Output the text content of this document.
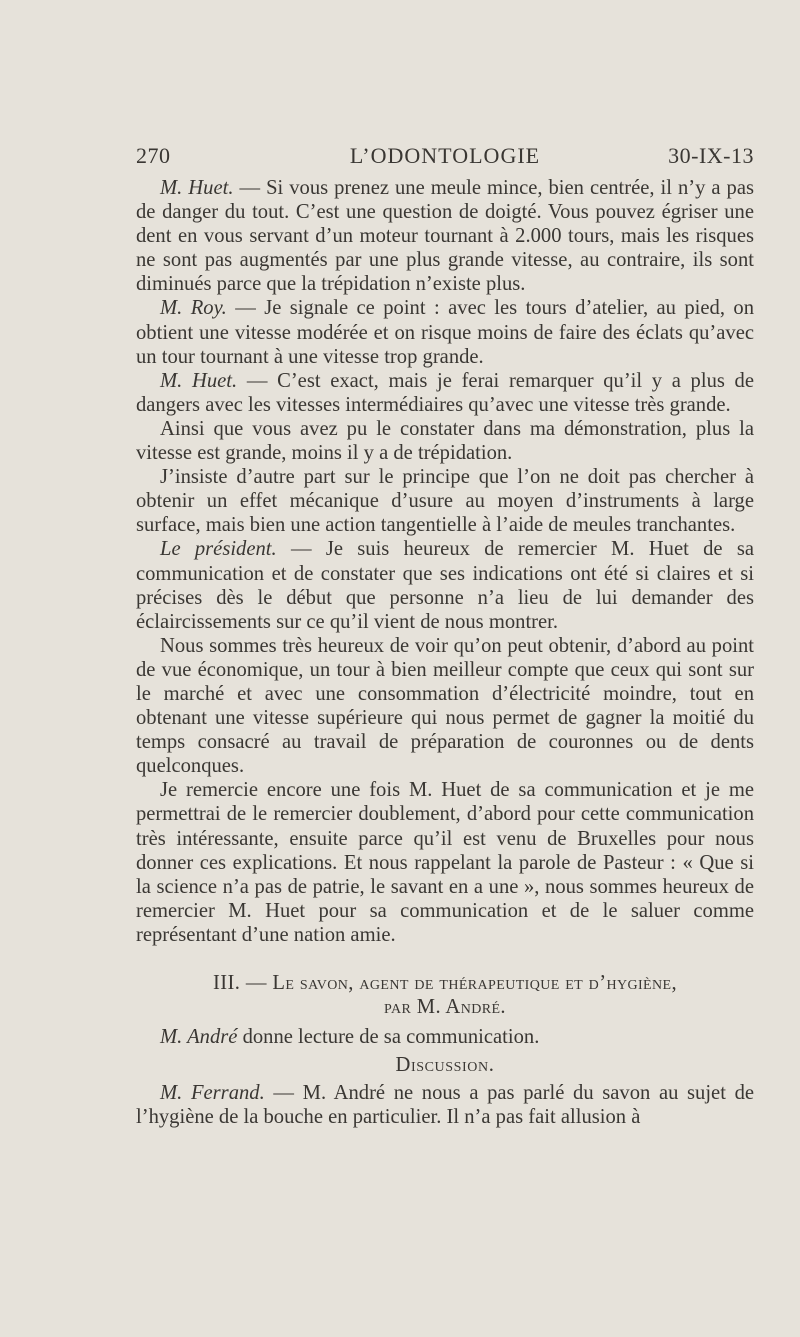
270	L’ODONTOLOGIE	30-IX-13

M. Huet. — Si vous prenez une meule mince, bien centrée, il n’y a pas de danger du tout. C’est une question de doigté. Vous pouvez égriser une dent en vous servant d’un moteur tournant à 2.000 tours, mais les risques ne sont pas augmentés par une plus grande vitesse, au contraire, ils sont diminués parce que la trépidation n’existe plus.

M. Roy. — Je signale ce point : avec les tours d’atelier, au pied, on obtient une vitesse modérée et on risque moins de faire des éclats qu’avec un tour tournant à une vitesse trop grande.

M. Huet. — C’est exact, mais je ferai remarquer qu’il y a plus de dangers avec les vitesses intermédiaires qu’avec une vitesse très grande.

Ainsi que vous avez pu le constater dans ma démonstration, plus la vitesse est grande, moins il y a de trépidation.

J’insiste d’autre part sur le principe que l’on ne doit pas chercher à obtenir un effet mécanique d’usure au moyen d’instruments à large surface, mais bien une action tangentielle à l’aide de meules tranchantes.

Le président. — Je suis heureux de remercier M. Huet de sa communication et de constater que ses indications ont été si claires et si précises dès le début que personne n’a lieu de lui demander des éclaircissements sur ce qu’il vient de nous montrer.

Nous sommes très heureux de voir qu’on peut obtenir, d’abord au point de vue économique, un tour à bien meilleur compte que ceux qui sont sur le marché et avec une consommation d’électricité moindre, tout en obtenant une vitesse supérieure qui nous permet de gagner la moitié du temps consacré au travail de préparation de couronnes ou de dents quelconques.

Je remercie encore une fois M. Huet de sa communication et je me permettrai de le remercier doublement, d’abord pour cette communication très intéressante, ensuite parce qu’il est venu de Bruxelles pour nous donner ces explications. Et nous rappelant la parole de Pasteur : « Que si la science n’a pas de patrie, le savant en a une », nous sommes heureux de remercier M. Huet pour sa communication et de le saluer comme représentant d’une nation amie.

III. — Le savon, agent de thérapeutique et d’hygiène,
par M. André.

M. André donne lecture de sa communication.

Discussion.

M. Ferrand. — M. André ne nous a pas parlé du savon au sujet de l’hygiène de la bouche en particulier. Il n’a pas fait allusion à
